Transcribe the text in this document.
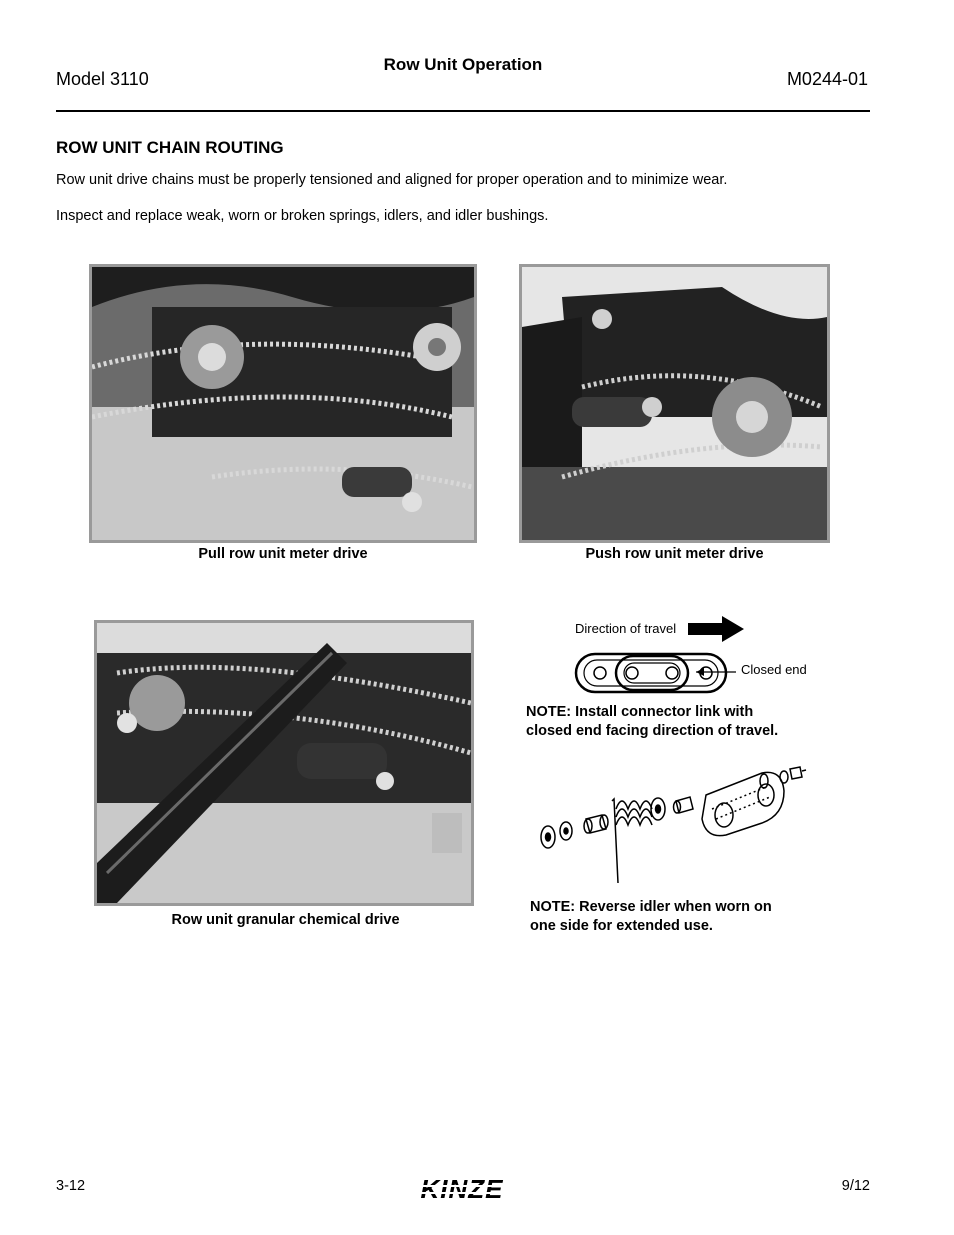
Model 3110
Row Unit Operation
M0244-01
ROW UNIT CHAIN ROUTING
Row unit drive chains must be properly tensioned and aligned for proper operation and to minimize wear.
Inspect and replace weak, worn or broken springs, idlers, and idler bushings.
Pull row unit meter drive	Push row unit meter drive
Row unit granular chemical drive
Direction of travel
Closed end
NOTE: Install connector link with
closed end facing direction of travel.
NOTE: Reverse idler when worn on
one side for extended use.
3-12	KINZE	9/12
